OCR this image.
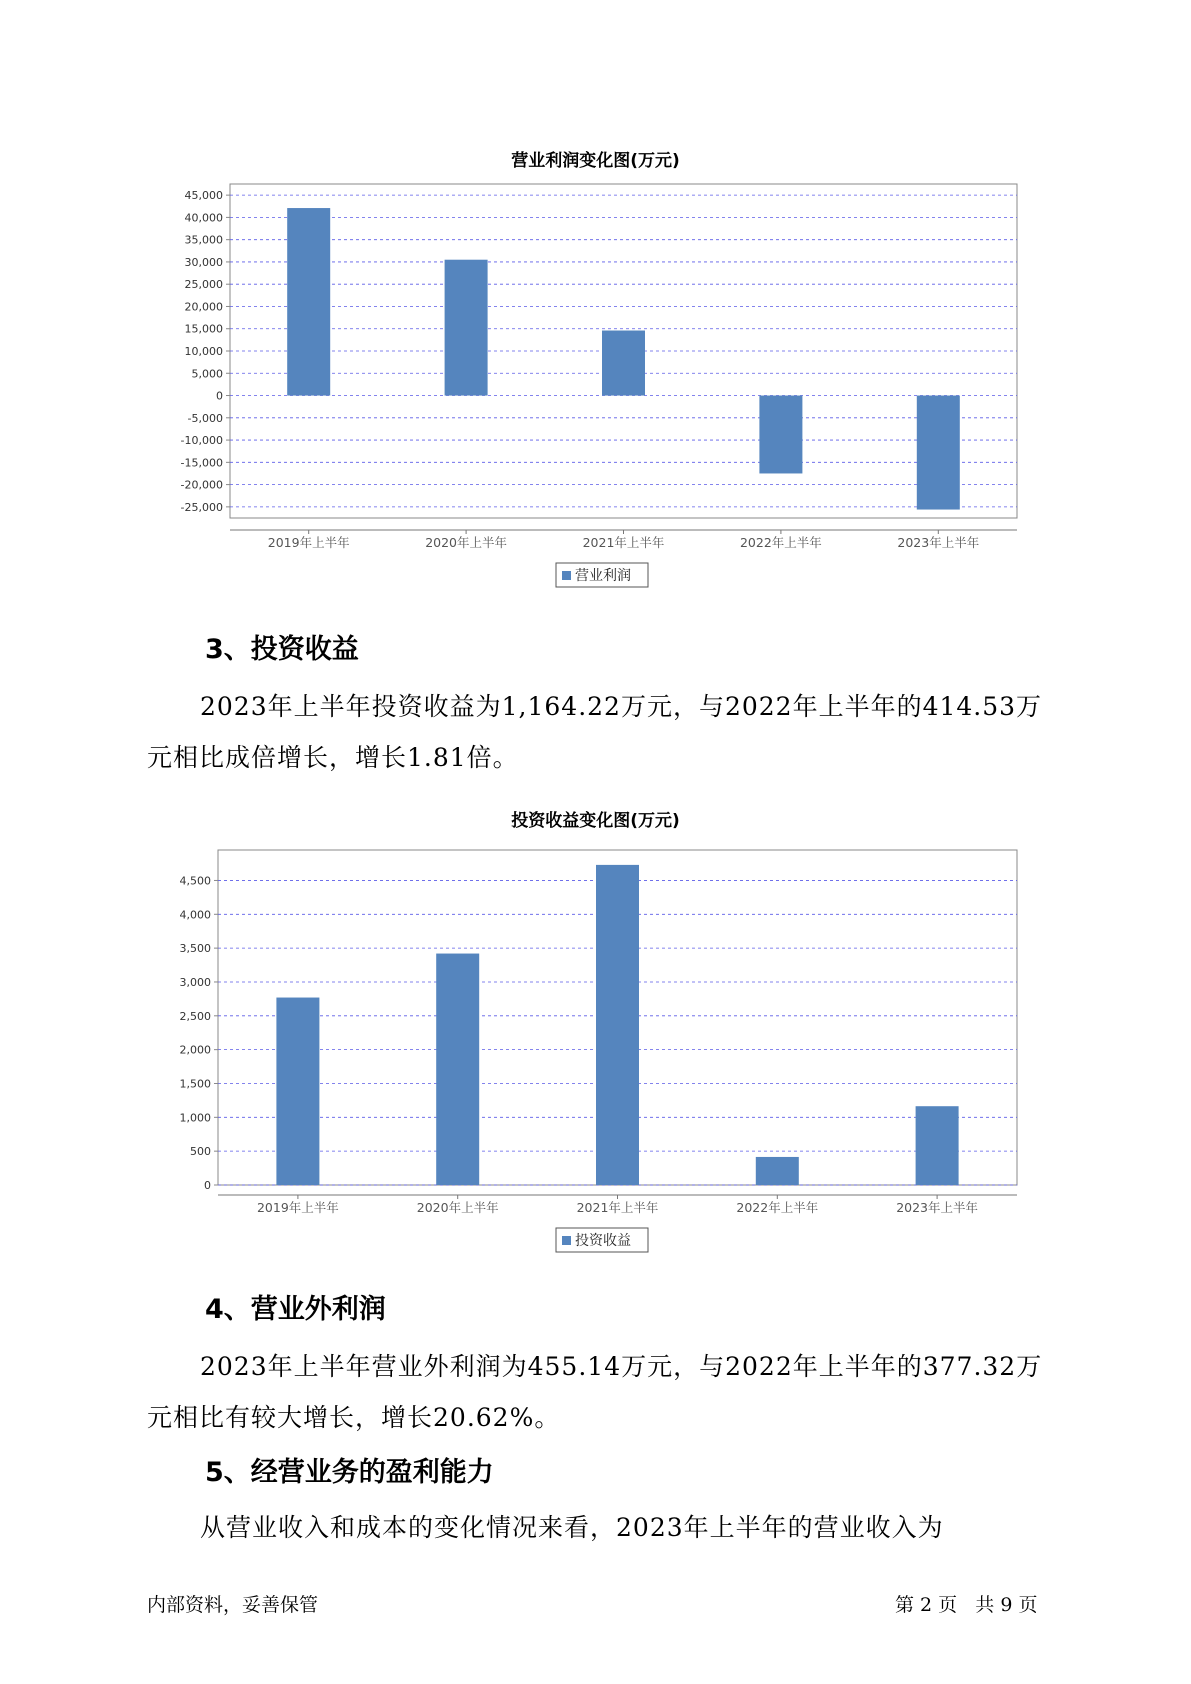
营业利润变化图(万元)
45,000
40,000
35,000
30,000
25,000
20,000
15,000
10,000
5,000
0
-5,000
-10,000
-15,000
-20,000
-25,000
2019年上半年	2020年上半年	2021年上半年	2022年上半年	2023年上半年
营业利润
3、投资收益
2023年上半年投资收益为1,164.22万元，与2022年上半年的414.53万
元相比成倍增长，增长1.81倍。
投资收益变化图(万元)
4,500
4,000
3,500
3,000
2,500
2,000
1,500
1,000
500
0
2019年上半年	2020年上半年	2021年上半年	2022年上半年	2023年上半年
投资收益
4、营业外利润
2023年上半年营业外利润为455.14万元，与2022年上半年的377.32万
元相比有较大增长，增长20.62%。
5、经营业务的盈利能力
从营业收入和成本的变化情况来看，2023年上半年的营业收入为
内部资料，妥善保管	第 2 页   共 9 页
